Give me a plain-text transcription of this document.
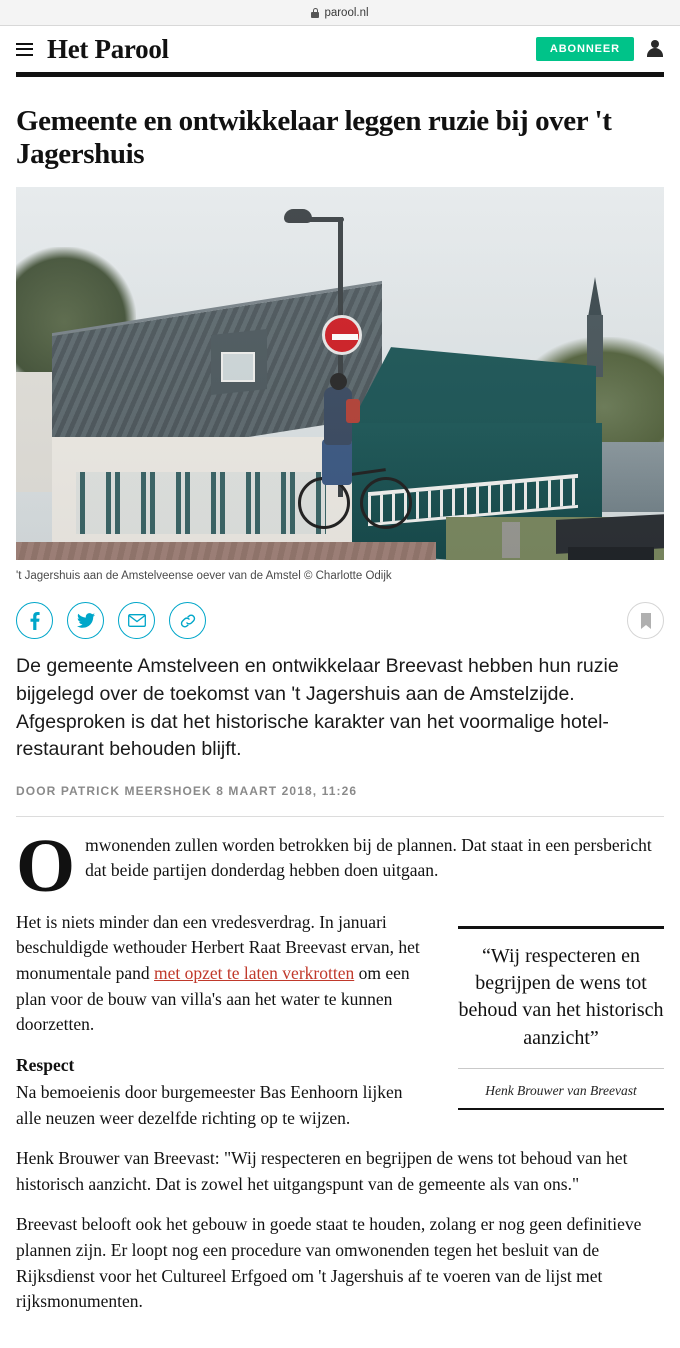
parool.nl
Het Parool	ABONNEER
Gemeente en ontwikkelaar leggen ruzie bij over 't Jagershuis
't Jagershuis aan de Amstelveense oever van de Amstel © Charlotte Odijk
De gemeente Amstelveen en ontwikkelaar Breevast hebben hun ruzie bijgelegd over de toekomst van 't Jagershuis aan de Amstelzijde. Afgesproken is dat het historische karakter van het voormalige hotel-restaurant behouden blijft.
DOOR PATRICK MEERSHOEK 8 MAART 2018, 11:26

Omwonenden zullen worden betrokken bij de plannen. Dat staat in een persbericht dat beide partijen donderdag hebben doen uitgaan.

Het is niets minder dan een vredesverdrag. In januari beschuldigde wethouder Herbert Raat Breevast ervan, het monumentale pand met opzet te laten verkrotten om een plan voor de bouw van villa's aan het water te kunnen doorzetten.

Respect

Na bemoeienis door burgemeester Bas Eenhoorn lijken alle neuzen weer dezelfde richting op te wijzen.

“Wij respecteren en begrijpen de wens tot behoud van het historisch aanzicht”
Henk Brouwer van Breevast

Henk Brouwer van Breevast: "Wij respecteren en begrijpen de wens tot behoud van het historisch aanzicht. Dat is zowel het uitgangspunt van de gemeente als van ons."

Breevast belooft ook het gebouw in goede staat te houden, zolang er nog geen definitieve plannen zijn. Er loopt nog een procedure van omwonenden tegen het besluit van de Rijksdienst voor het Cultureel Erfgoed om 't Jagershuis af te voeren van de lijst met rijksmonumenten.
